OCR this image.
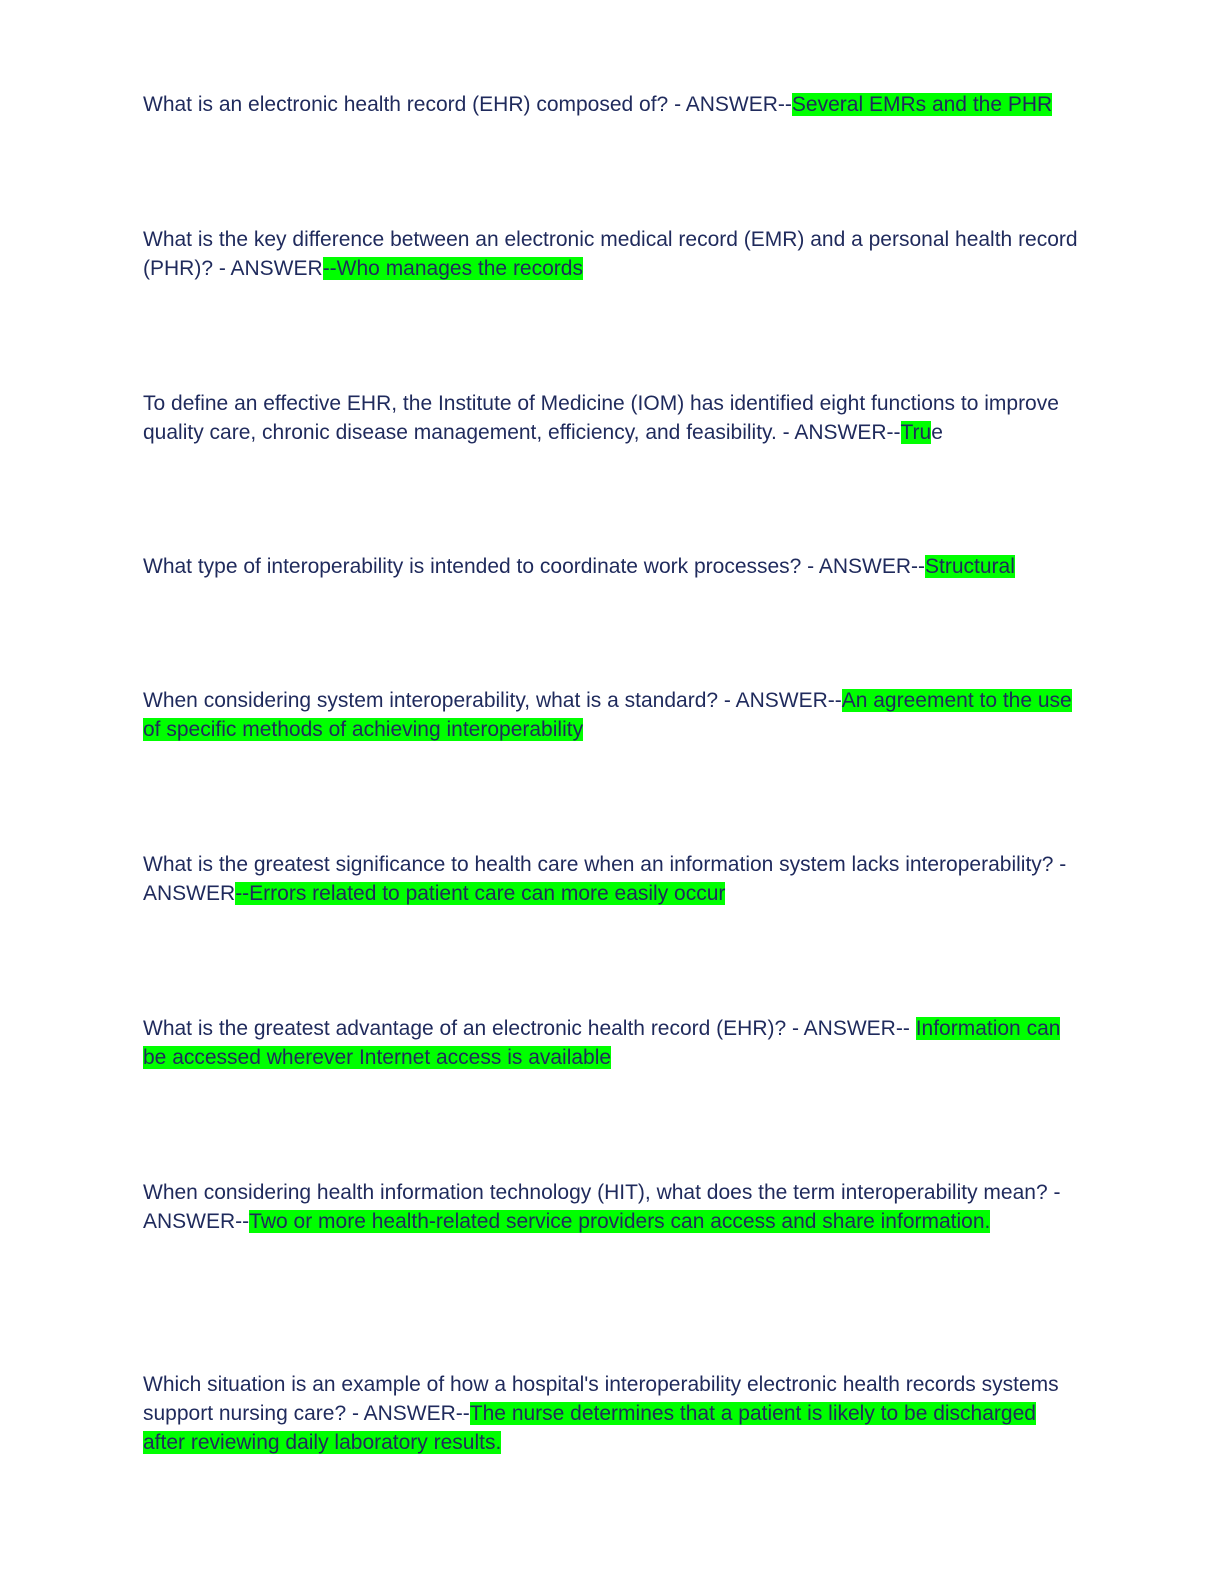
What is an electronic health record (EHR) composed of? - ANSWER--Several EMRs and the PHR

What is the key difference between an electronic medical record (EMR) and a personal health record (PHR)? - ANSWER--Who manages the records

To define an effective EHR, the Institute of Medicine (IOM) has identified eight functions to improve quality care, chronic disease management, efficiency, and feasibility. - ANSWER--True

What type of interoperability is intended to coordinate work processes? - ANSWER--Structural

When considering system interoperability, what is a standard? - ANSWER--An agreement to the use of specific methods of achieving interoperability

What is the greatest significance to health care when an information system lacks interoperability? - ANSWER--Errors related to patient care can more easily occur

What is the greatest advantage of an electronic health record (EHR)? - ANSWER-- Information can be accessed wherever Internet access is available

When considering health information technology (HIT), what does the term interoperability mean? - ANSWER--Two or more health-related service providers can access and share information.

Which situation is an example of how a hospital's interoperability electronic health records systems support nursing care? - ANSWER--The nurse determines that a patient is likely to be discharged after reviewing daily laboratory results.
